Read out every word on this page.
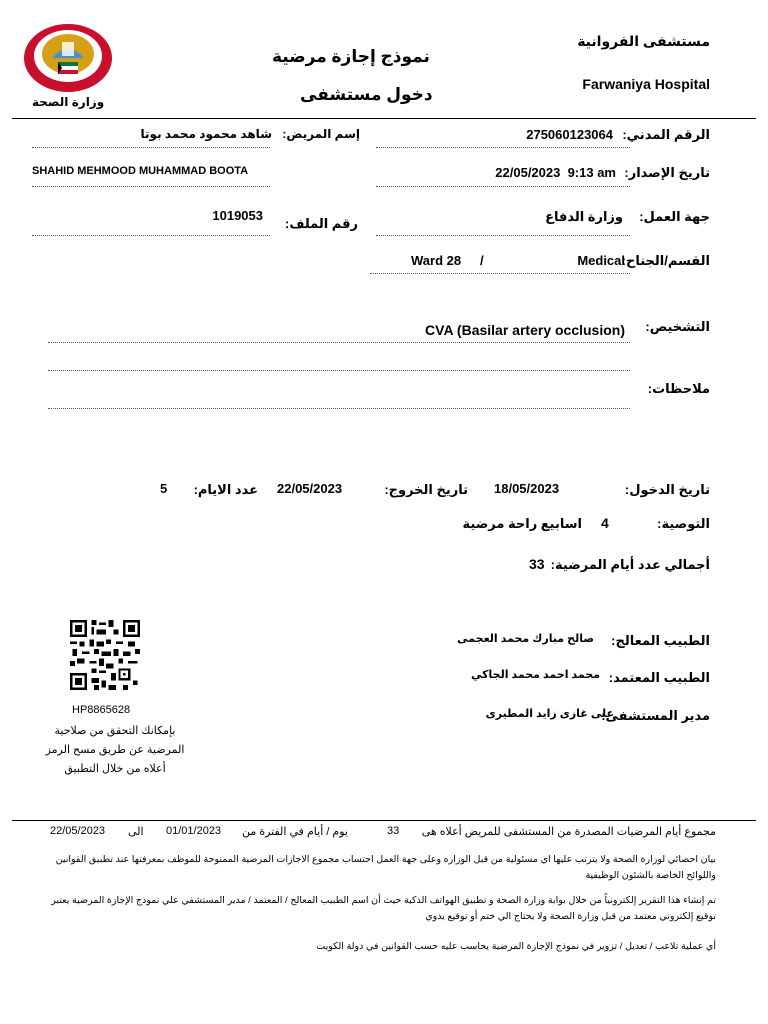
وزارة الصحة
نموذج إجازة مرضية
دخول مستشفى
مستشفى الفروانية
Farwaniya Hospital
الرقم المدني:
275060123064
إسم المريض:
شاهد محمود محمد بوتا
تاريخ الإصدار:
22/05/2023  9:13 am
SHAHID MEHMOOD MUHAMMAD BOOTA
جهة العمل:
وزارة الدفاع
رقم الملف:
1019053
القسم/الجناح:
Medical
/
Ward 28
التشخيص:
CVA (Basilar artery occlusion)
ملاحظات:
تاريخ الدخول:
18/05/2023
تاريخ الخروج:
22/05/2023
عدد الايام:
5
التوصية:
4
اسابيع راحة مرضية
أجمالي عدد أيام المرضية:
33
HP8865628
بإمكانك التحقق من صلاحية
المرضية عن طريق مسح الرمز
أعلاه من خلال التطبيق
الطبيب المعالج:
صالح مبارك محمد العجمى
الطبيب المعتمد:
محمد احمد محمد الجاكي
مدير المستشفى:
على غازى زايد المطيرى
مجموع أيام المرضيات المصدرة من المستشفى للمريض أعلاه هى
33
يوم / أيام في الفترة من
01/01/2023
الى
22/05/2023
بيان احصائي لوزارة الصحة ولا يترتب عليها اي مسئولية من قبل الوزاره وعلى جهة العمل احتساب مجموع الاجازات المرضية الممنوحة للموظف بمعرفتها عند تطبيق القوانين
واللوائح الخاصة بالشئون الوظيفية
تم إنشاء هذا التقرير إلكترونياً من خلال بوابة وزارة الصحة و تطبيق الهواتف الذكية حيث أن اسم الطبيب المعالج / المعتمد / مدير المستشفي علي نموذج الإجازة المرضية يعتبر
توقيع إلكتروني معتمد من قبل وزارة الصحة ولا يحتاج الي ختم أو توقيع يدوي
أي عملية تلاعب / تعديل / تزوير في نموذج الإجازة المرضية يحاسب عليه حسب القوانين في دولة الكويت
